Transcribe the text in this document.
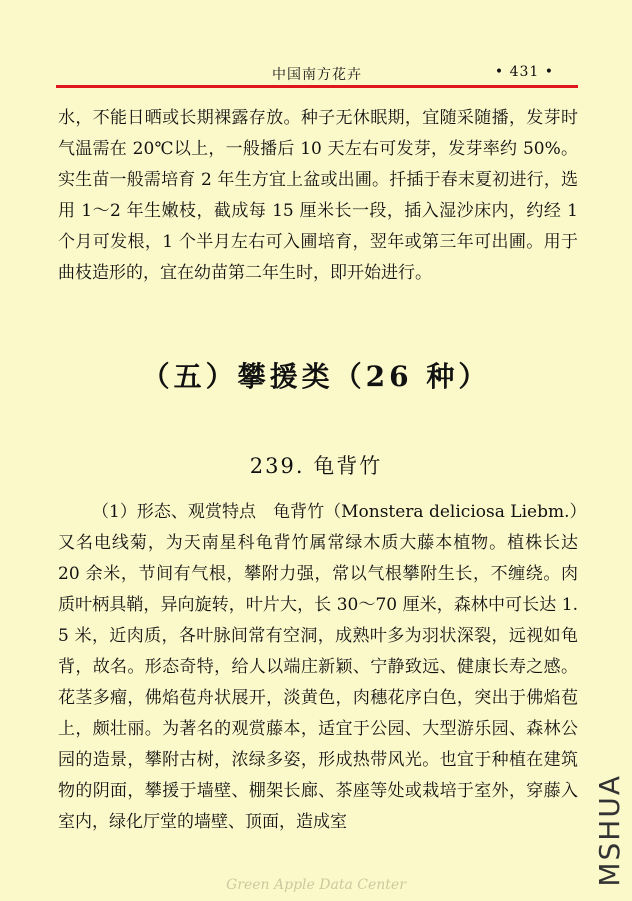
中国南方花卉	• 431 •

水，不能日晒或长期裸露存放。种子无休眠期，宜随采随播，发芽时气温需在 20℃以上，一般播后 10 天左右可发芽，发芽率约 50%。实生苗一般需培育 2 年生方宜上盆或出圃。扦插于春末夏初进行，选用 1～2 年生嫩枝，截成每 15 厘米长一段，插入湿沙床内，约经 1 个月可发根，1 个半月左右可入圃培育，翌年或第三年可出圃。用于曲枝造形的，宜在幼苗第二年生时，即开始进行。

（五）攀援类（26 种）
239. 龟背竹

（1）形态、观赏特点　龟背竹（Monstera deliciosa Liebm.）又名电线菊，为天南星科龟背竹属常绿木质大藤本植物。植株长达 20 余米，节间有气根，攀附力强，常以气根攀附生长，不缠绕。肉质叶柄具鞘，异向旋转，叶片大，长 30～70 厘米，森林中可长达 1. 5 米，近肉质，各叶脉间常有空洞，成熟叶多为羽状深裂，远视如龟背，故名。形态奇特，给人以端庄新颖、宁静致远、健康长寿之感。花茎多瘤，佛焰苞舟状展开，淡黄色，肉穗花序白色，突出于佛焰苞上，颇壮丽。为著名的观赏藤本，适宜于公园、大型游乐园、森林公园的造景，攀附古树，浓绿多姿，形成热带风光。也宜于种植在建筑物的阴面，攀援于墙壁、棚架长廊、茶座等处或栽培于室外，穿藤入室内，绿化厅堂的墙壁、顶面，造成室	MSHUA
Green Apple Data Center
